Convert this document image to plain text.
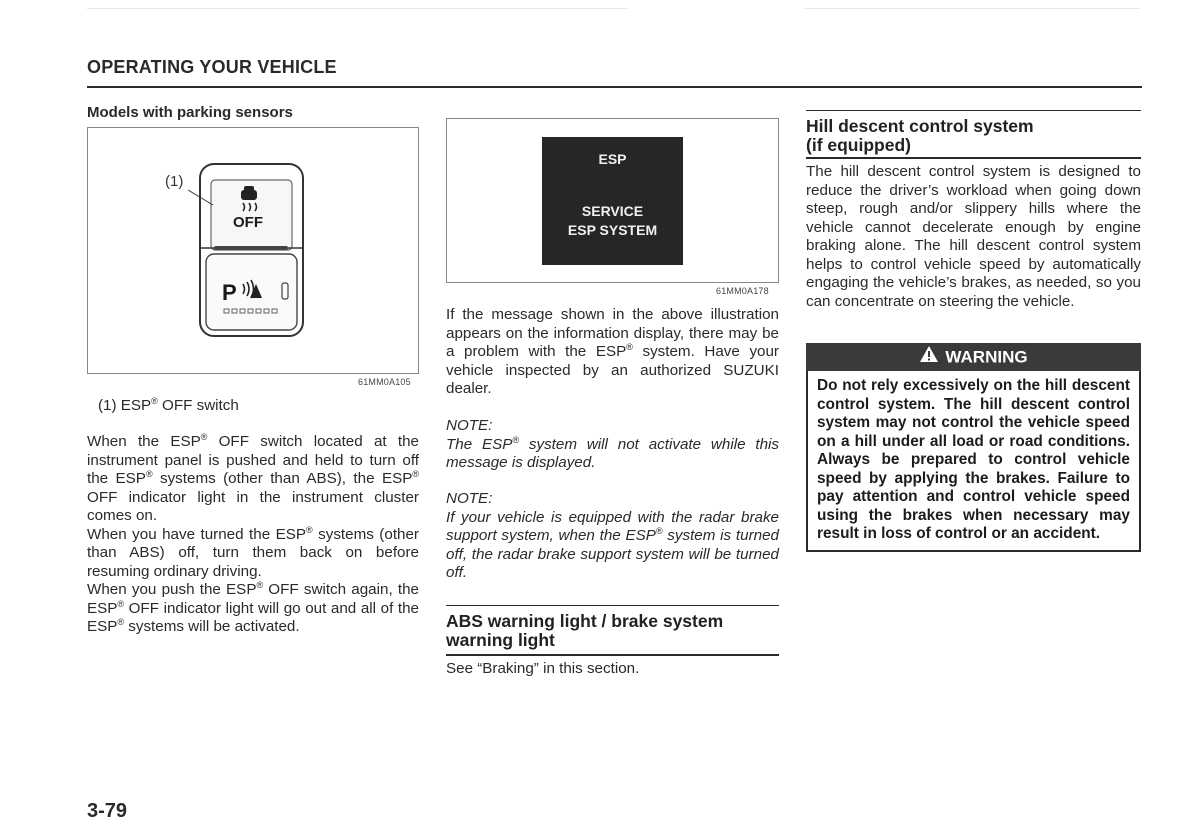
OPERATING YOUR VEHICLE
Models with parking sensors
(1)
OFF
P
61MM0A105
(1) ESP® OFF switch

When the ESP® OFF switch located at the instrument panel is pushed and held to turn off the ESP® systems (other than ABS), the ESP® OFF indicator light in the instrument cluster comes on.

When you have turned the ESP® systems (other than ABS) off, turn them back on before resuming ordinary driving.

When you push the ESP® OFF switch again, the ESP® OFF indicator light will go out and all of the ESP® systems will be activated.

ESP
SERVICE
ESP SYSTEM
61MM0A178

If the message shown in the above illustration appears on the information display, there may be a problem with the ESP® system. Have your vehicle inspected by an authorized SUZUKI dealer.

NOTE:

The ESP® system will not activate while this message is displayed.

NOTE:

If your vehicle is equipped with the radar brake support system, when the ESP® system is turned off, the radar brake support system will be turned off.

ABS warning light / brake system
warning light
See “Braking” in this section.
Hill descent control system
(if equipped)
The hill descent control system is designed to reduce the driver’s workload when going down steep, rough and/or slippery hills where the vehicle cannot decelerate enough by engine braking alone. The hill descent control system helps to control vehicle speed by automatically engaging the vehicle’s brakes, as needed, so you can concentrate on steering the vehicle.
WARNING
Do not rely excessively on the hill descent control system. The hill descent control system may not control the vehicle speed on a hill under all load or road conditions. Always be prepared to control vehicle speed by applying the brakes. Failure to pay attention and control vehicle speed using the brakes when necessary may result in loss of control or an accident.
3-79
